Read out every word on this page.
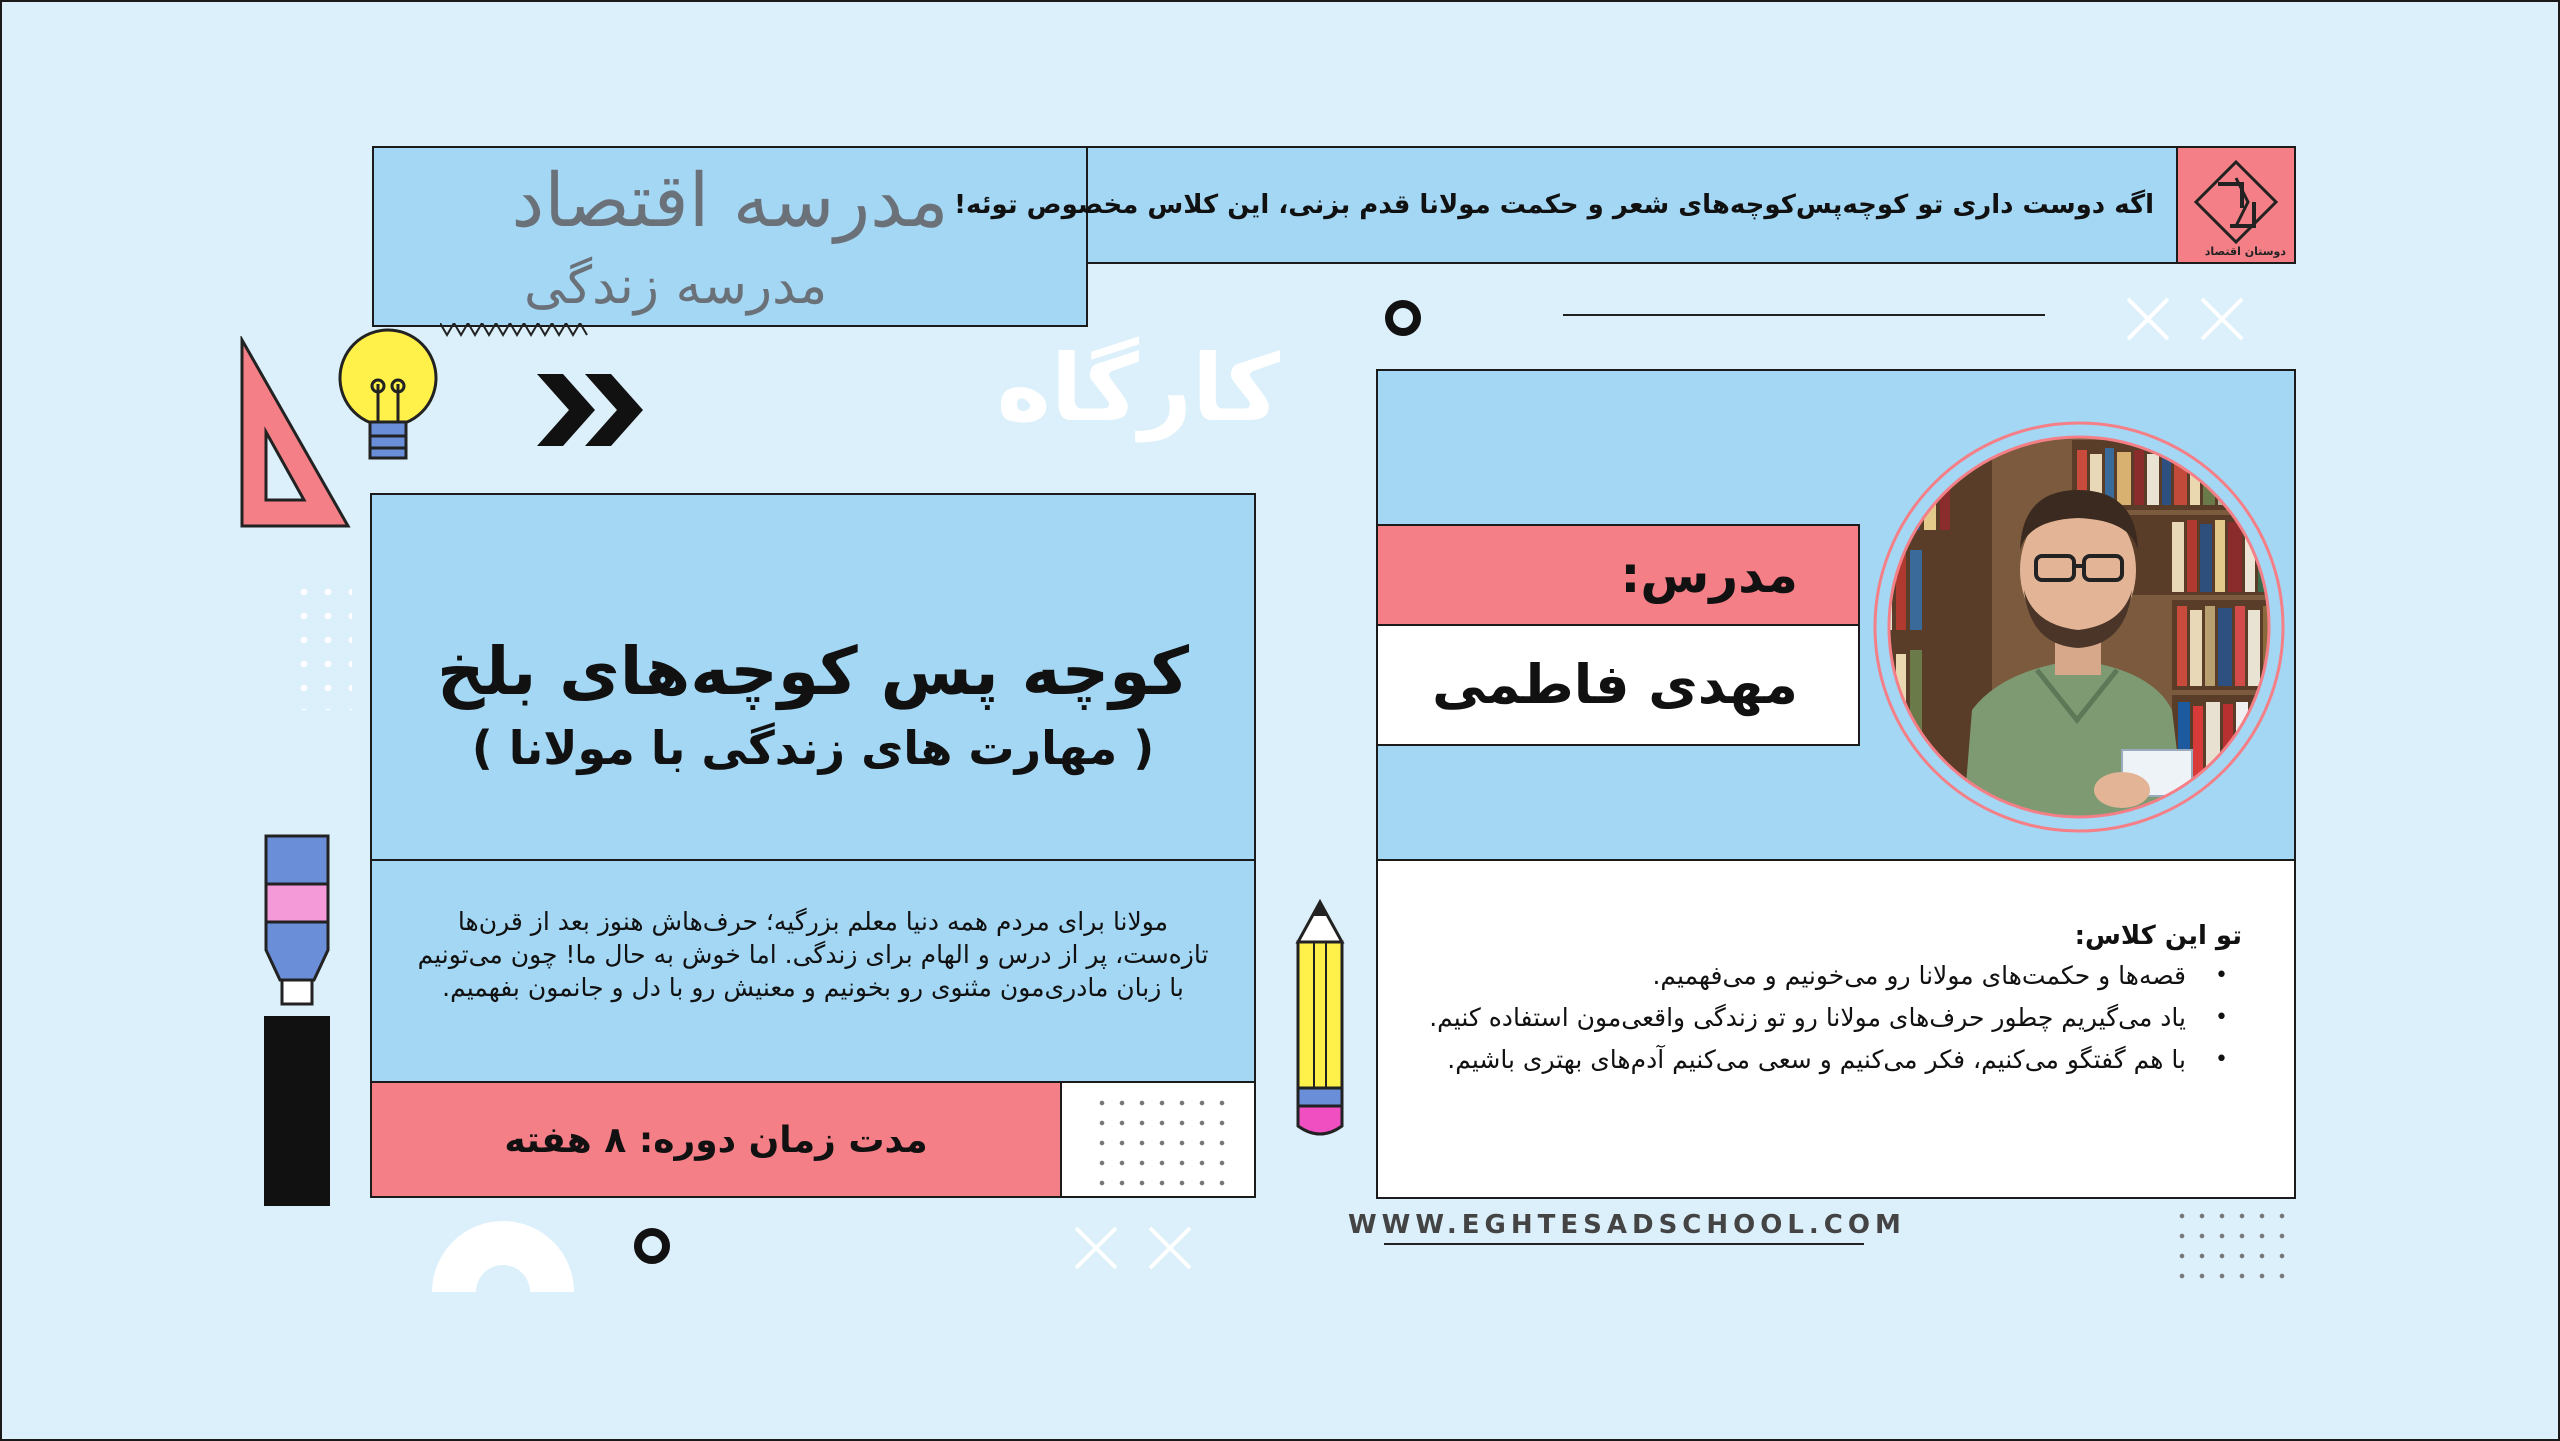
مدرسه اقتصاد
مدرسه زندگی
اگه دوست داری تو کوچه‌پس‌کوچه‌های شعر و حکمت مولانا قدم بزنی، این کلاس مخصوص توئه!
دوستان اقتصاد
کارگاه
کوچه پس کوچه‌های بلخ
( مهارت های زندگی با مولانا )
مولانا برای مردم همه دنیا معلم بزرگیه؛ حرف‌هاش هنوز بعد از قرن‌ها تازه‌ست، پر از درس و الهام برای زندگی. اما خوش به حال ما! چون می‌تونیم با زبان مادری‌مون مثنوی رو بخونیم و معنیش رو با دل و جانمون بفهمیم.
مدت زمان دوره: ۸ هفته
مدرس:
مهدی فاطمی
تو این کلاس:
قصه‌ها و حکمت‌های مولانا رو می‌خونیم و می‌فهمیم. •
یاد می‌گیریم چطور حرف‌های مولانا رو تو زندگی واقعی‌مون استفاده کنیم. •
با هم گفتگو می‌کنیم، فکر می‌کنیم و سعی می‌کنیم آدم‌های بهتری باشیم. •
WWW.EGHTESADSCHOOL.COM
